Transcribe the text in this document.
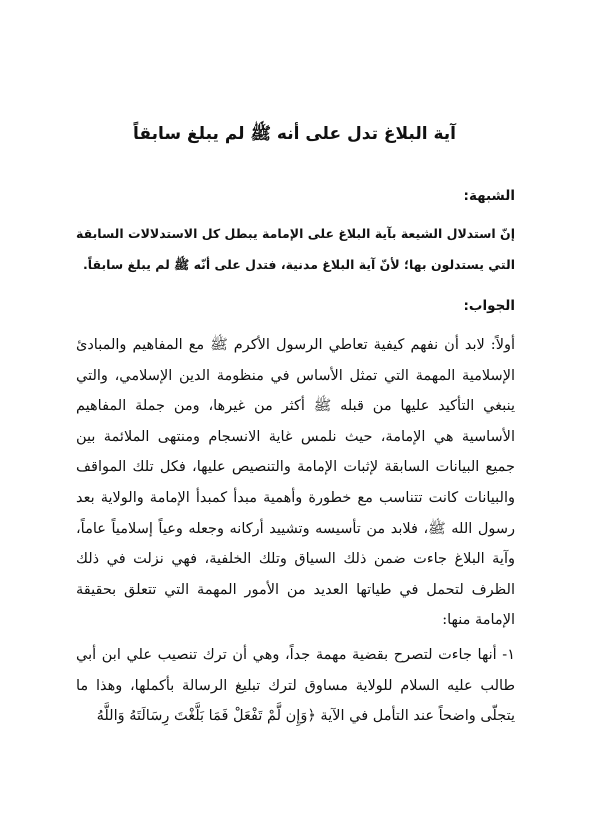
آية البلاغ تدل على أنه ﷺ لم يبلغ سابقاً
الشبهة:

إنّ استدلال الشيعة بآية البلاغ على الإمامة يبطل كل الاستدلالات السابقة التي يستدلون بها؛ لأنّ آية البلاغ مدنية، فتدل على أنّه ﷺ لم يبلغ سابقاً.

الجواب:

أولاً: لابد أن نفهم كيفية تعاطي الرسول الأكرم ﷺ مع المفاهيم والمبادئ الإسلامية المهمة التي تمثل الأساس في منظومة الدين الإسلامي، والتي ينبغي التأكيد عليها من قبله ﷺ أكثر من غيرها، ومن جملة المفاهيم الأساسية هي الإمامة، حيث نلمس غاية الانسجام ومنتهى الملائمة بين جميع البيانات السابقة لإثبات الإمامة والتنصيص عليها، فكل تلك المواقف والبيانات كانت تتناسب مع خطورة وأهمية مبدأ كمبدأ الإمامة والولاية بعد رسول الله ﷺ، فلابد من تأسيسه وتشييد أركانه وجعله وعياً إسلامياً عاماً، وآية البلاغ جاءت ضمن ذلك السياق وتلك الخلفية، فهي نزلت في ذلك الظرف لتحمل في طياتها العديد من الأمور المهمة التي تتعلق بحقيقة الإمامة منها:

١- أنها جاءت لتصرح بقضية مهمة جداً، وهي أن ترك تنصيب علي ابن أبي طالب عليه السلام للولاية مساوق لترك تبليغ الرسالة بأكملها، وهذا ما يتجلّى واضحاً عند التأمل في الآية ﴿وَإِن لَّمْ تَفْعَلْ فَمَا بَلَّغْتَ رِسَالَتَهُ وَاللَّهُ
